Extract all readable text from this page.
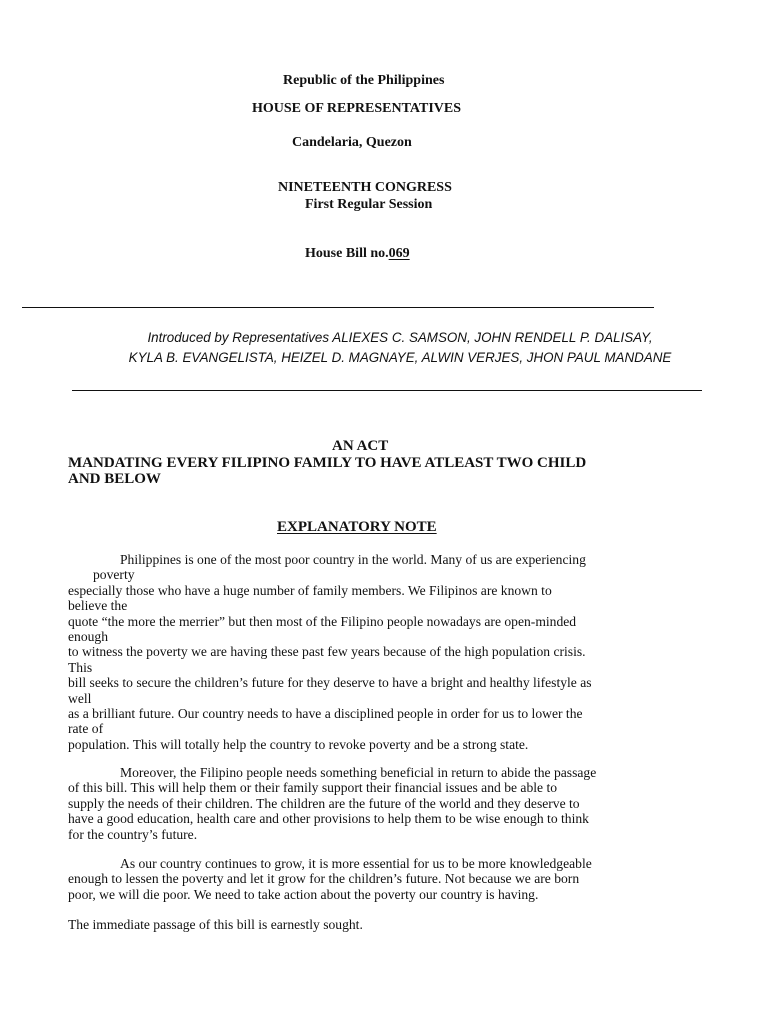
Republic of the Philippines
HOUSE OF REPRESENTATIVES
Candelaria, Quezon
NINETEENTH CONGRESS
First Regular Session
House Bill no.069
Introduced by Representatives ALIEXES C. SAMSON, JOHN RENDELL P. DALISAY,
KYLA B. EVANGELISTA, HEIZEL D. MAGNAYE, ALWIN VERJES, JHON PAUL MANDANE
AN ACT
MANDATING EVERY FILIPINO FAMILY TO HAVE ATLEAST TWO CHILD
AND BELOW
EXPLANATORY NOTE
Philippines is one of the most poor country in the world. Many of us are experiencing
poverty
especially those who have a huge number of family members. We Filipinos are known to
believe the
quote “the more the merrier” but then most of the Filipino people nowadays are open-minded
enough
to witness the poverty we are having these past few years because of the high population crisis.
This
bill seeks to secure the children’s future for they deserve to have a bright and healthy lifestyle as
well
as a brilliant future. Our country needs to have a disciplined people in order for us to lower the
rate of
population. This will totally help the country to revoke poverty and be a strong state.
Moreover, the Filipino people needs something beneficial in return to abide the passage
of this bill. This will help them or their family support their financial issues and be able to
supply the needs of their children. The children are the future of the world and they deserve to
have a good education, health care and other provisions to help them to be wise enough to think
for the country’s future.
As our country continues to grow, it is more essential for us to be more knowledgeable
enough to lessen the poverty and let it grow for the children’s future. Not because we are born
poor, we will die poor. We need to take action about the poverty our country is having.
The immediate passage of this bill is earnestly sought.
